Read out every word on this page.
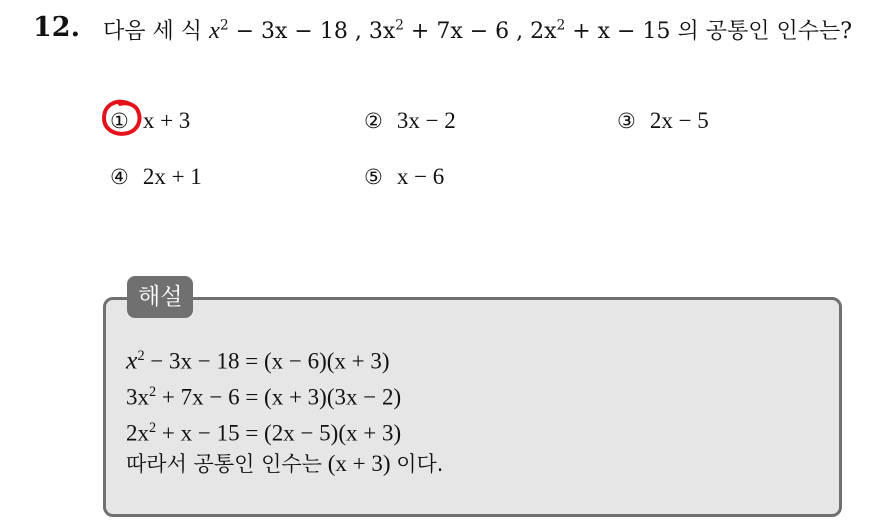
12. 다음 세 식 $x^2 - 3x - 18$ , $3x^2 + 7x - 6$ , $2x^2 + x - 15$ 의 공통인 인수는?
① x + 3	② 3x − 2	③ 2x − 5
④ 2x + 1	⑤ x − 6
해설
$x^2 - 3x - 18 = (x - 6)(x + 3)$
$3x^2 + 7x - 6 = (x + 3)(3x - 2)$
$2x^2 + x - 15 = (2x - 5)(x + 3)$
따라서 공통인 인수는 (x + 3) 이다.
